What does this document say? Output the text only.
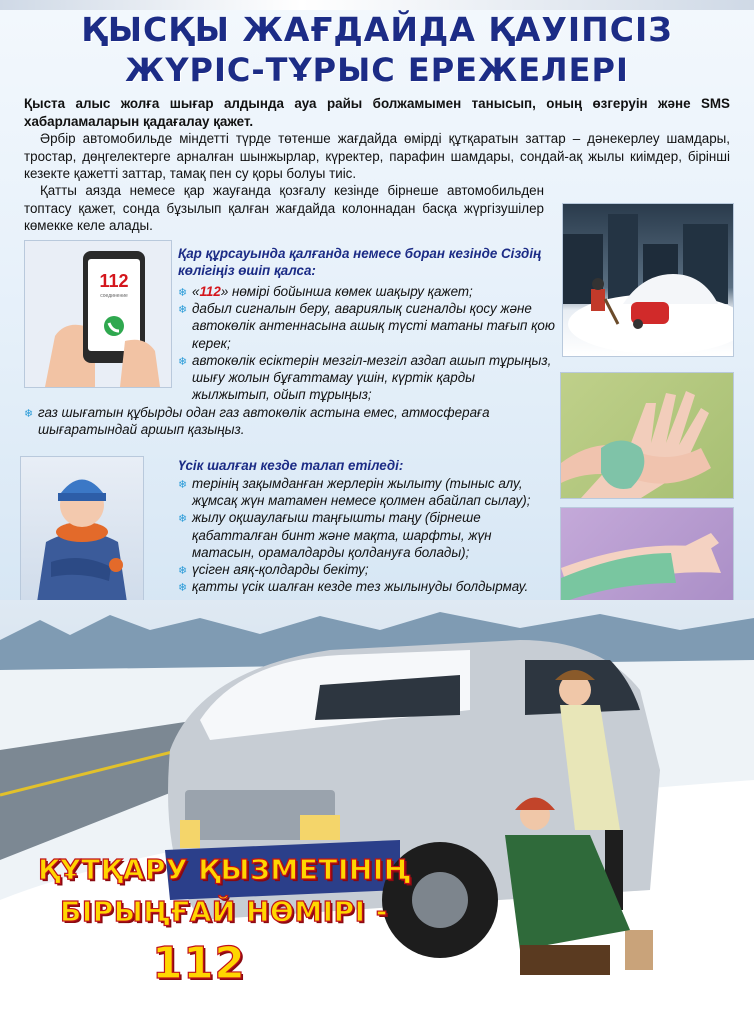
ҚЫСҚЫ ЖАҒДАЙДА ҚАУІПСІЗ
ЖҮРІС-ТҰРЫС ЕРЕЖЕЛЕРІ
Қыста алыс жолға шығар алдында ауа райы болжамымен танысып, оның өзгеруін және SMS хабарламаларын қадағалау қажет.
Әрбір автомобильде міндетті түрде төтенше жағдайда өмірді құтқаратын заттар – дәнекерлеу шамдары, тростар, дөңгелектерге арналған шынжырлар, күректер, парафин шамдары, сондай-ақ жылы киімдер, бірінші кезекте қажетті заттар, тамақ пен су қоры болуы тиіс.
Қатты аязда немесе қар жауғанда қозғалу кезінде бірнеше автомобильден топтасу қажет, сонда бұзылып қалған жағдайда колоннадан басқа жүргізушілер көмекке келе алады.
112
соединение
Қар құрсауында қалғанда немесе боран кезінде Сіздің көлігіңіз өшіп қалса:
❄ «112» нөмірі бойынша көмек шақыру қажет;
❄ дабыл сигналын беру, авариялық сигналды қосу және автокөлік антеннасына ашық түсті матаны тағып қою керек;
❄ автокөлік есіктерін мезгіл-мезгіл аздап ашып тұрыңыз, шығу жолын бұғаттамау үшін, күртік қарды жылжытып, ойып тұрыңыз;
❄ газ шығатын құбырды одан газ автокөлік астына емес, атмосфераға шығаратындай аршып қазыңыз.
Үсік шалған кезде талап етіледі:
❄ терінің зақымданған жерлерін жылыту (тыныс алу, жұмсақ жүн матамен немесе қолмен абайлап сылау);
❄ жылу оқшаулағыш таңғышты таңу (бірнеше қабатталған бинт және мақта, шарфты, жүн матасын, орамалдарды қолдануға болады);
❄ үсіген аяқ-қолдарды бекіту;
❄ қатты үсік шалған кезде тез жылынуды болдырмау.
ҚҰТҚАРУ ҚЫЗМЕТІНІҢ
БІРЫҢҒАЙ НӨМІРІ -
112
